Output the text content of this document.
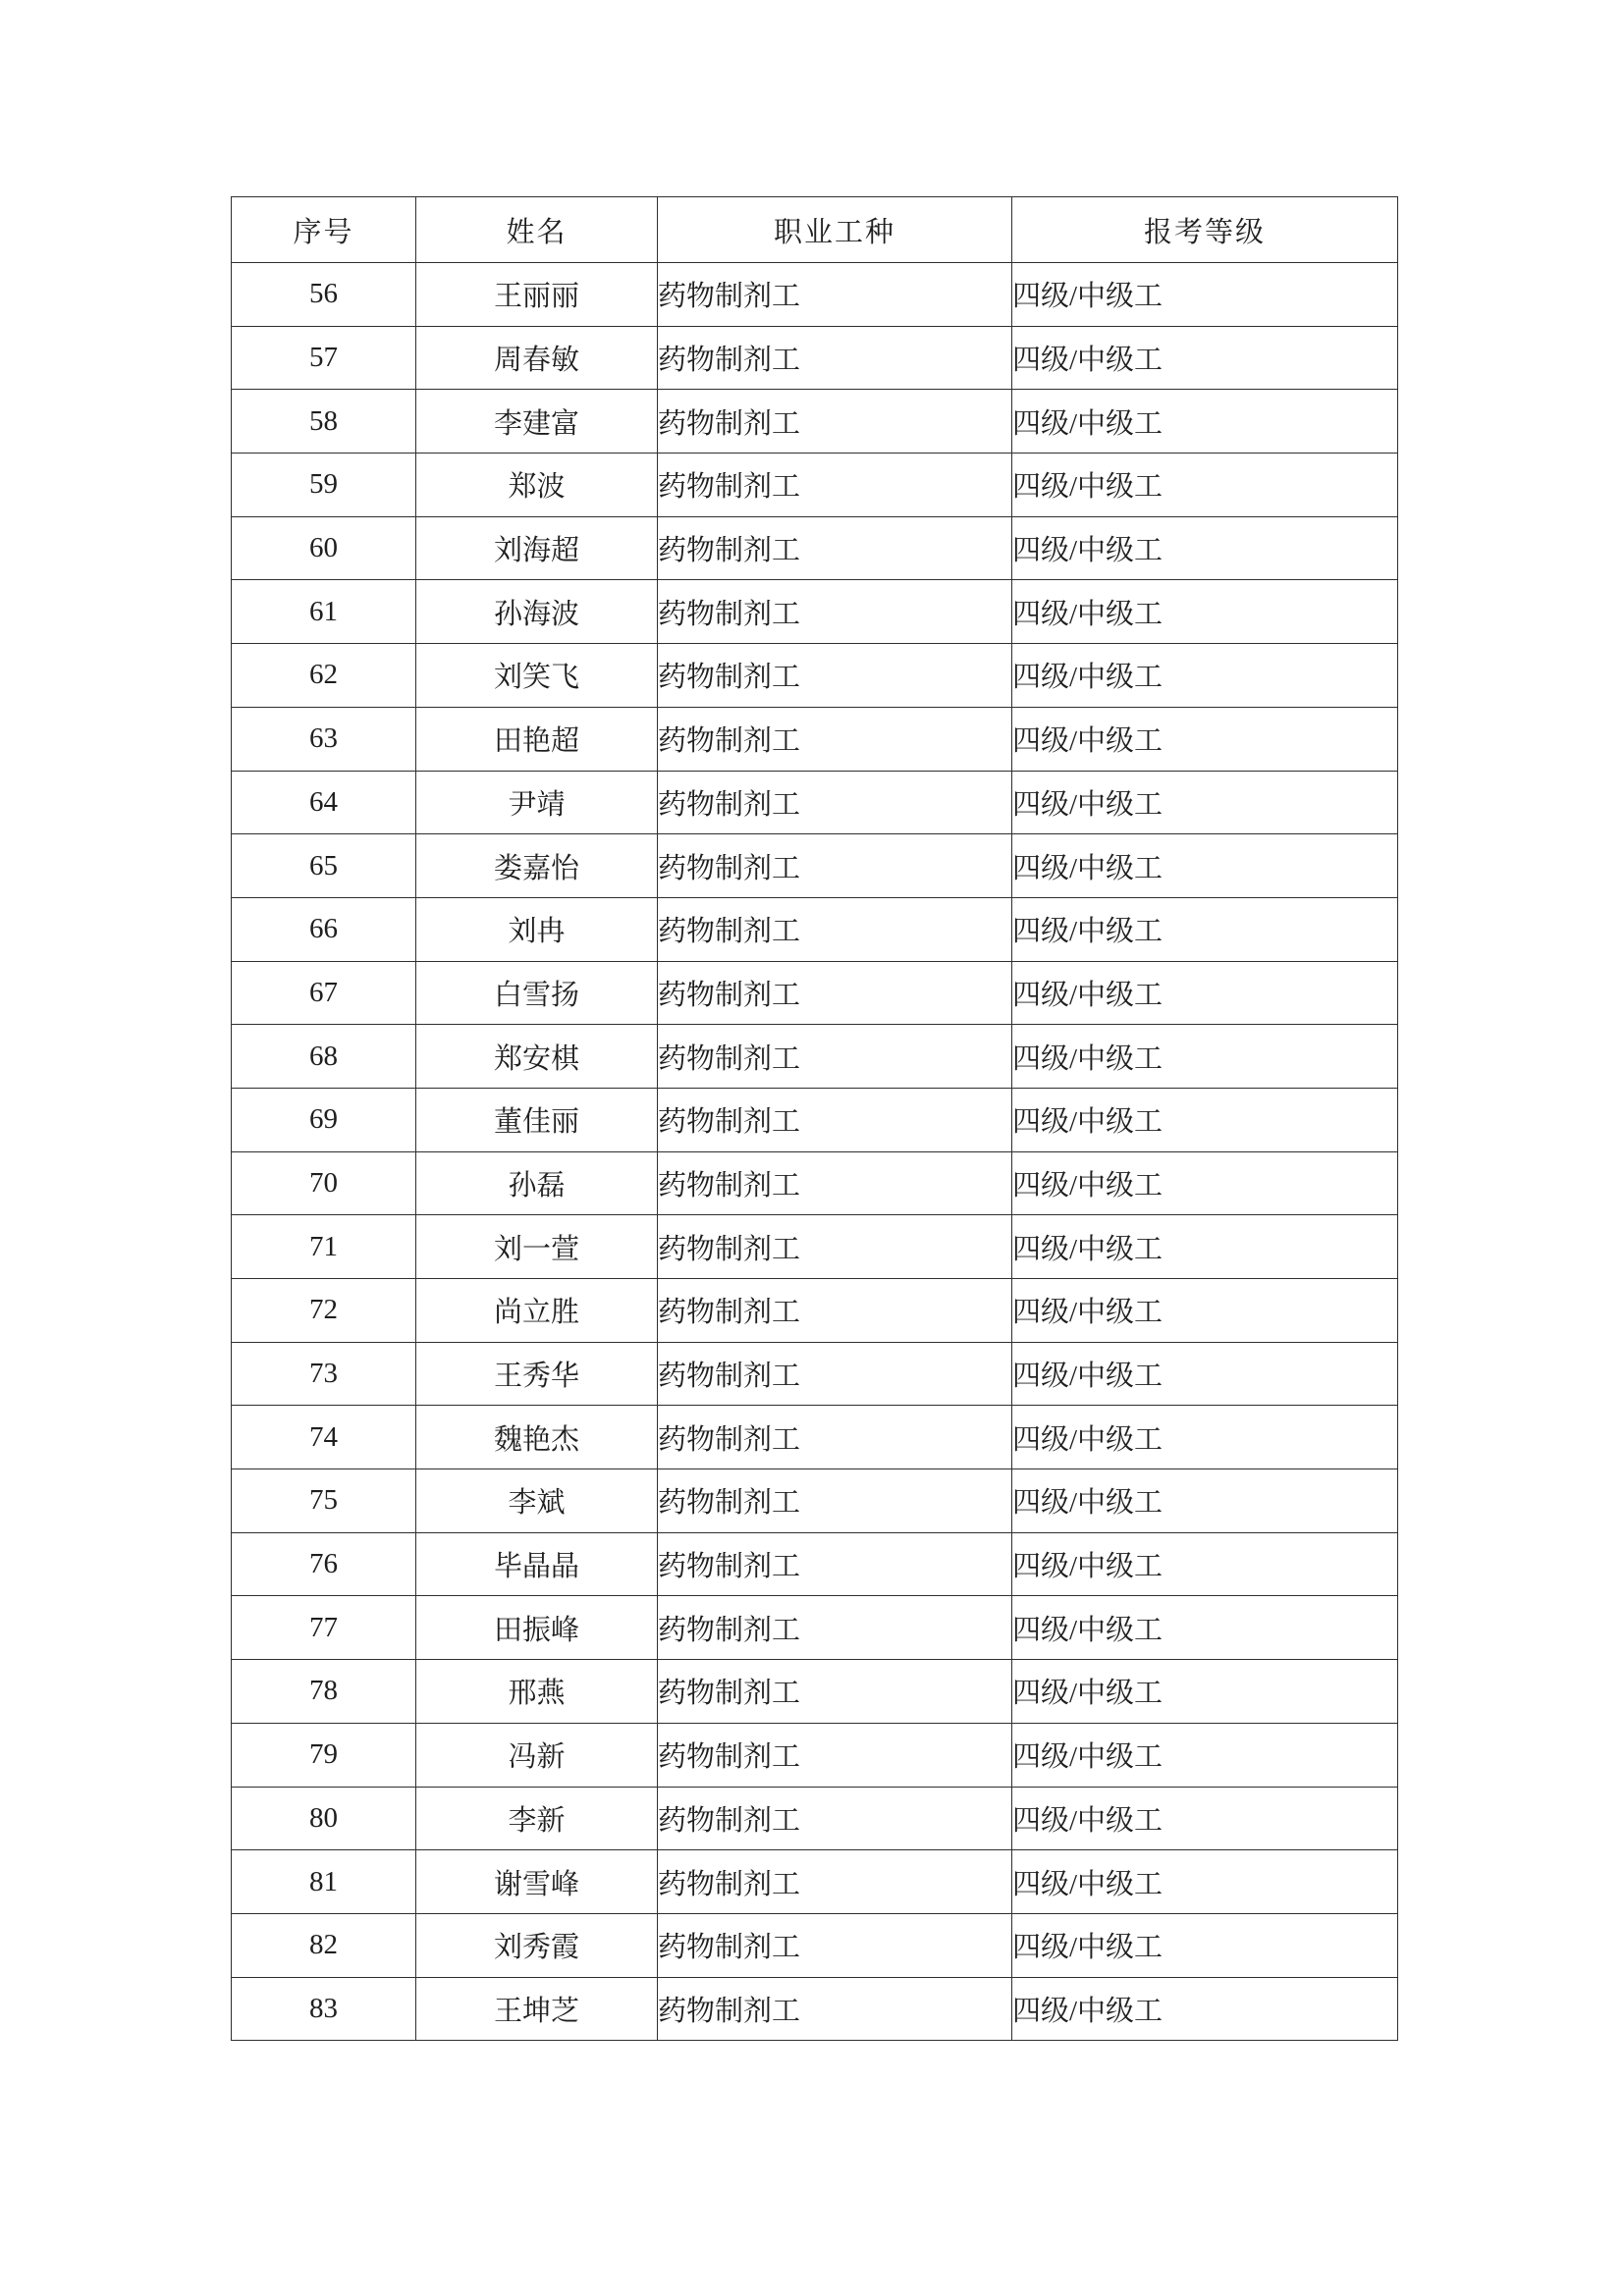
序号	姓名	职业工种	报考等级
56	王丽丽	药物制剂工	四级/中级工
57	周春敏	药物制剂工	四级/中级工
58	李建富	药物制剂工	四级/中级工
59	郑波	药物制剂工	四级/中级工
60	刘海超	药物制剂工	四级/中级工
61	孙海波	药物制剂工	四级/中级工
62	刘笑飞	药物制剂工	四级/中级工
63	田艳超	药物制剂工	四级/中级工
64	尹靖	药物制剂工	四级/中级工
65	娄嘉怡	药物制剂工	四级/中级工
66	刘冉	药物制剂工	四级/中级工
67	白雪扬	药物制剂工	四级/中级工
68	郑安棋	药物制剂工	四级/中级工
69	董佳丽	药物制剂工	四级/中级工
70	孙磊	药物制剂工	四级/中级工
71	刘一萱	药物制剂工	四级/中级工
72	尚立胜	药物制剂工	四级/中级工
73	王秀华	药物制剂工	四级/中级工
74	魏艳杰	药物制剂工	四级/中级工
75	李斌	药物制剂工	四级/中级工
76	毕晶晶	药物制剂工	四级/中级工
77	田振峰	药物制剂工	四级/中级工
78	邢燕	药物制剂工	四级/中级工
79	冯新	药物制剂工	四级/中级工
80	李新	药物制剂工	四级/中级工
81	谢雪峰	药物制剂工	四级/中级工
82	刘秀霞	药物制剂工	四级/中级工
83	王坤芝	药物制剂工	四级/中级工
